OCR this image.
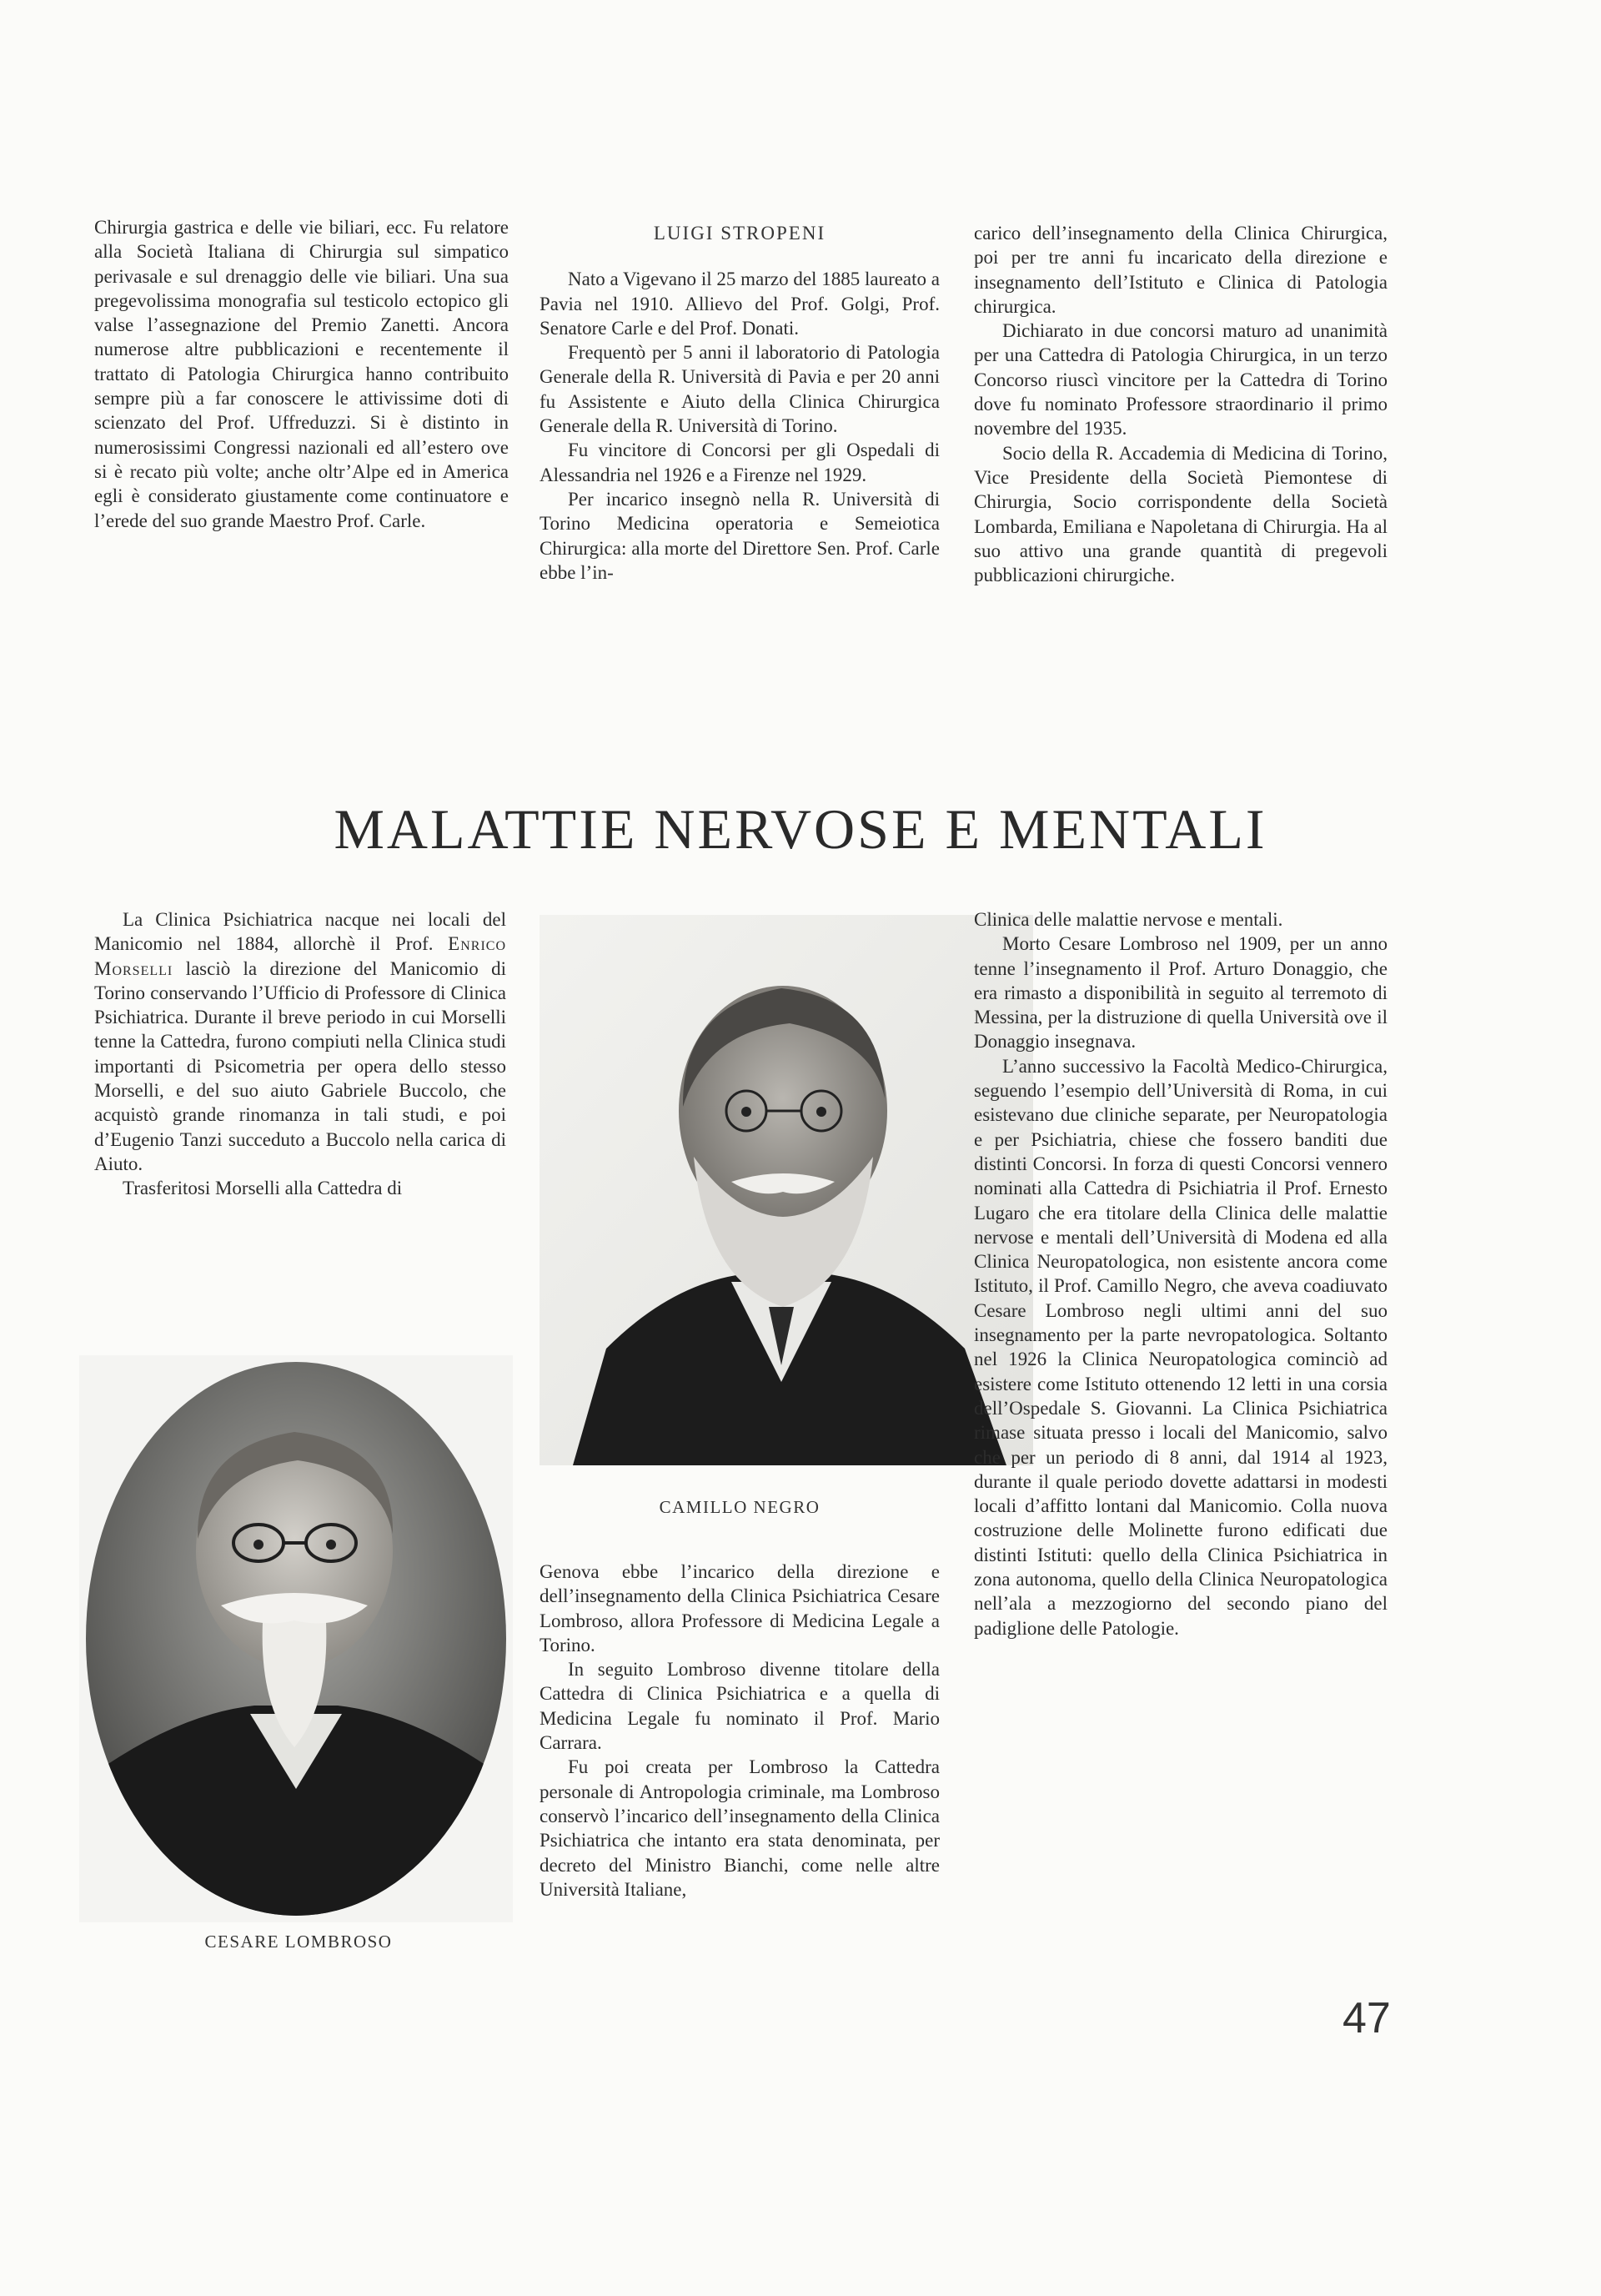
Chirurgia gastrica e delle vie biliari, ecc. Fu relatore alla Società Italiana di Chirurgia sul simpatico perivasale e sul drenaggio delle vie biliari. Una sua pregevolissima monografia sul testicolo ectopico gli valse l’assegnazione del Premio Zanetti. Ancora numerose altre pubblicazioni e recentemente il trattato di Patologia Chirurgica hanno contribuito sempre più a far conoscere le attivissime doti di scienzato del Prof. Uffreduzzi. Si è distinto in numerosissimi Congressi nazionali ed all’estero ove si è recato più volte; anche oltr’Alpe ed in America egli è considerato giustamente come continuatore e l’erede del suo grande Maestro Prof. Carle.

LUIGI STROPENI

Nato a Vigevano il 25 marzo del 1885 laureato a Pavia nel 1910. Allievo del Prof. Golgi, Prof. Senatore Carle e del Prof. Donati.

Frequentò per 5 anni il laboratorio di Patologia Generale della R. Università di Pavia e per 20 anni fu Assistente e Aiuto della Clinica Chirurgica Generale della R. Università di Torino.

Fu vincitore di Concorsi per gli Ospedali di Alessandria nel 1926 e a Firenze nel 1929.

Per incarico insegnò nella R. Università di Torino Medicina operatoria e Semeiotica Chirurgica: alla morte del Direttore Sen. Prof. Carle ebbe l’in-

carico dell’insegnamento della Clinica Chirurgica, poi per tre anni fu incaricato della direzione e insegnamento dell’Istituto e Clinica di Patologia chirurgica.

Dichiarato in due concorsi maturo ad unanimità per una Cattedra di Patologia Chirurgica, in un terzo Concorso riuscì vincitore per la Cattedra di Torino dove fu nominato Professore straordinario il primo novembre del 1935.

Socio della R. Accademia di Medicina di Torino, Vice Presidente della Società Piemontese di Chirurgia, Socio corrispondente della Società Lombarda, Emiliana e Napoletana di Chirurgia. Ha al suo attivo una grande quantità di pregevoli pubblicazioni chirurgiche.

MALATTIE NERVOSE E MENTALI

La Clinica Psichiatrica nacque nei locali del Manicomio nel 1884, allorchè il Prof. Enrico Morselli lasciò la direzione del Manicomio di Torino conservando l’Ufficio di Professore di Clinica Psichiatrica. Durante il breve periodo in cui Morselli tenne la Cattedra, furono compiuti nella Clinica studi importanti di Psicometria per opera dello stesso Morselli, e del suo aiuto Gabriele Buccolo, che acquistò grande rinomanza in tali studi, e poi d’Eugenio Tanzi succeduto a Buccolo nella carica di Aiuto.

Trasferitosi Morselli alla Cattedra di

CAMILLO NEGRO

Genova ebbe l’incarico della direzione e dell’insegnamento della Clinica Psichiatrica Cesare Lombroso, allora Professore di Medicina Legale a Torino.

In seguito Lombroso divenne titolare della Cattedra di Clinica Psichiatrica e a quella di Medicina Legale fu nominato il Prof. Mario Carrara.

Fu poi creata per Lombroso la Cattedra personale di Antropologia criminale, ma Lombroso conservò l’incarico dell’insegnamento della Clinica Psichiatrica che intanto era stata denominata, per decreto del Ministro Bianchi, come nelle altre Università Italiane,

CESARE LOMBROSO

Clinica delle malattie nervose e mentali.

Morto Cesare Lombroso nel 1909, per un anno tenne l’insegnamento il Prof. Arturo Donaggio, che era rimasto a disponibilità in seguito al terremoto di Messina, per la distruzione di quella Università ove il Donaggio insegnava.

L’anno successivo la Facoltà Medico-Chirurgica, seguendo l’esempio dell’Università di Roma, in cui esistevano due cliniche separate, per Neuropatologia e per Psichiatria, chiese che fossero banditi due distinti Concorsi. In forza di questi Concorsi vennero nominati alla Cattedra di Psichiatria il Prof. Ernesto Lugaro che era titolare della Clinica delle malattie nervose e mentali dell’Università di Modena ed alla Clinica Neuropatologica, non esistente ancora come Istituto, il Prof. Camillo Negro, che aveva coadiuvato Cesare Lombroso negli ultimi anni del suo insegnamento per la parte nevropatologica. Soltanto nel 1926 la Clinica Neuropatologica cominciò ad esistere come Istituto ottenendo 12 letti in una corsia dell’Ospedale S. Giovanni. La Clinica Psichiatrica rimase situata presso i locali del Manicomio, salvo che per un periodo di 8 anni, dal 1914 al 1923, durante il quale periodo dovette adattarsi in modesti locali d’affitto lontani dal Manicomio. Colla nuova costruzione delle Molinette furono edificati due distinti Istituti: quello della Clinica Psichiatrica in zona autonoma, quello della Clinica Neuropatologica nell’ala a mezzogiorno del secondo piano del padiglione delle Patologie.

47
